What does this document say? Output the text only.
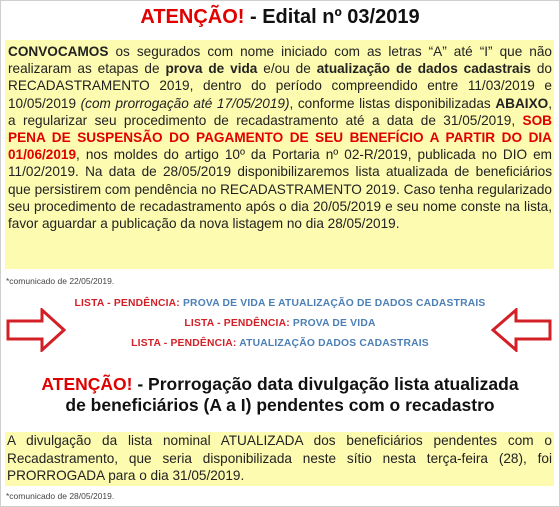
ATENÇÃO! - Edital nº 03/2019

CONVOCAMOS os segurados com nome iniciado com as letras “A” até “I” que não realizaram as etapas de prova de vida e/ou de atualização de dados cadastrais do RECADASTRAMENTO 2019, dentro do período compreendido entre 11/03/2019 e 10/05/2019 (com prorrogação até 17/05/2019), conforme listas disponibilizadas ABAIXO, a regularizar seu procedimento de recadastramento até a data de 31/05/2019, SOB PENA DE SUSPENSÃO DO PAGAMENTO DE SEU BENEFÍCIO A PARTIR DO DIA 01/06/2019, nos moldes do artigo 10º da Portaria nº 02-R/2019, publicada no DIO em 11/02/2019. Na data de 28/05/2019 disponibilizaremos lista atualizada de beneficiários que persistirem com pendência no RECADASTRAMENTO 2019. Caso tenha regularizado seu procedimento de recadastramento após o dia 20/05/2019 e seu nome conste na lista, favor aguardar a publicação da nova listagem no dia 28/05/2019.

*comunicado de 22/05/2019.
LISTA - PENDÊNCIA: PROVA DE VIDA E ATUALIZAÇÃO DE DADOS CADASTRAIS
LISTA - PENDÊNCIA: PROVA DE VIDA
LISTA - PENDÊNCIA: ATUALIZAÇÃO DADOS CADASTRAIS
ATENÇÃO! - Prorrogação data divulgação lista atualizada
de beneficiários (A a I) pendentes com o recadastro

A divulgação da lista nominal ATUALIZADA dos beneficiários pendentes com o Recadastramento, que seria disponibilizada neste sítio nesta terça-feira (28), foi PRORROGADA para o dia 31/05/2019.

*comunicado de 28/05/2019.
